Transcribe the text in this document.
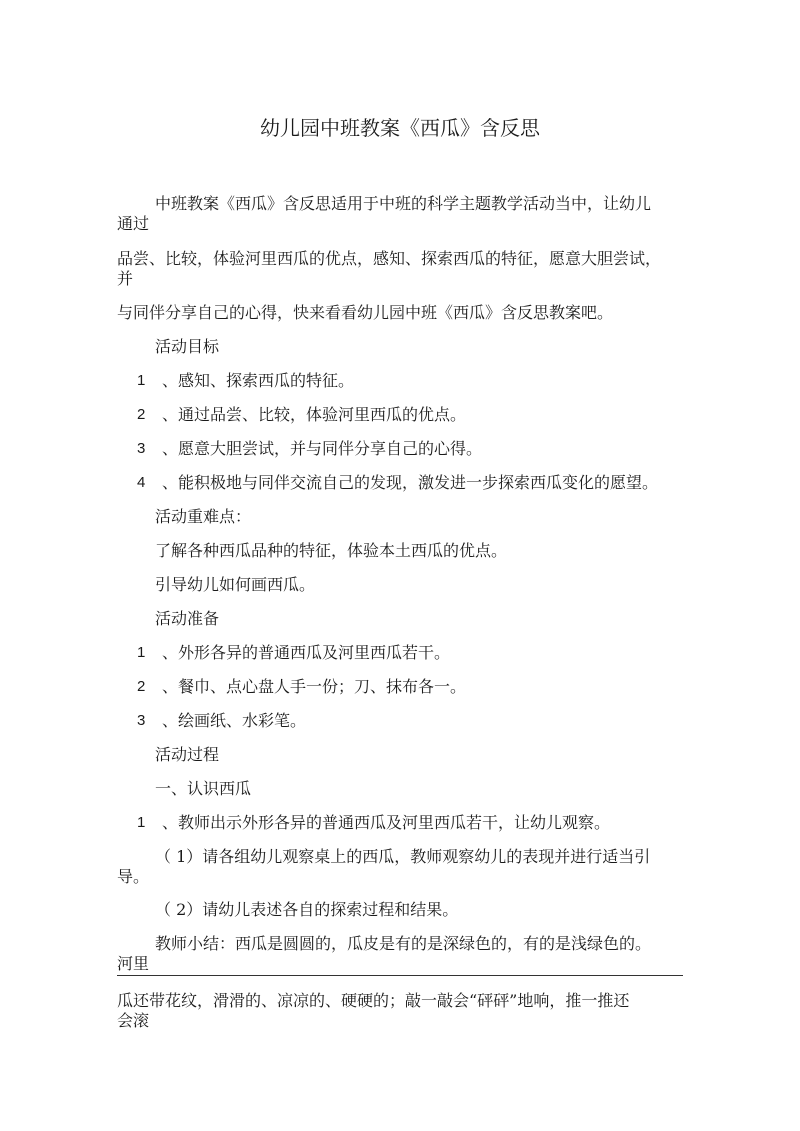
幼儿园中班教案《西瓜》含反思
中班教案《西瓜》含反思适用于中班的科学主题教学活动当中，让幼儿
通过
品尝、比较，体验河里西瓜的优点，感知、探索西瓜的特征，愿意大胆尝试，
并
与同伴分享自己的心得，快来看看幼儿园中班《西瓜》含反思教案吧。
活动目标
1 、感知、探索西瓜的特征。
2 、通过品尝、比较，体验河里西瓜的优点。
3 、愿意大胆尝试，并与同伴分享自己的心得。
4 、能积极地与同伴交流自己的发现，激发进一步探索西瓜变化的愿望。
活动重难点：
了解各种西瓜品种的特征，体验本土西瓜的优点。
引导幼儿如何画西瓜。
活动准备
1 、外形各异的普通西瓜及河里西瓜若干。
2 、餐巾、点心盘人手一份；刀、抹布各一。
3 、绘画纸、水彩笔。
活动过程
一、认识西瓜
1 、教师出示外形各异的普通西瓜及河里西瓜若干，让幼儿观察。
（ 1）请各组幼儿观察桌上的西瓜，教师观察幼儿的表现并进行适当引
导。
（ 2）请幼儿表述各自的探索过程和结果。
教师小结：西瓜是圆圆的，瓜皮是有的是深绿色的，有的是浅绿色的。
河里
瓜还带花纹，滑滑的、凉凉的、硬硬的；敲一敲会“砰砰”地响，推一推还
会滚
